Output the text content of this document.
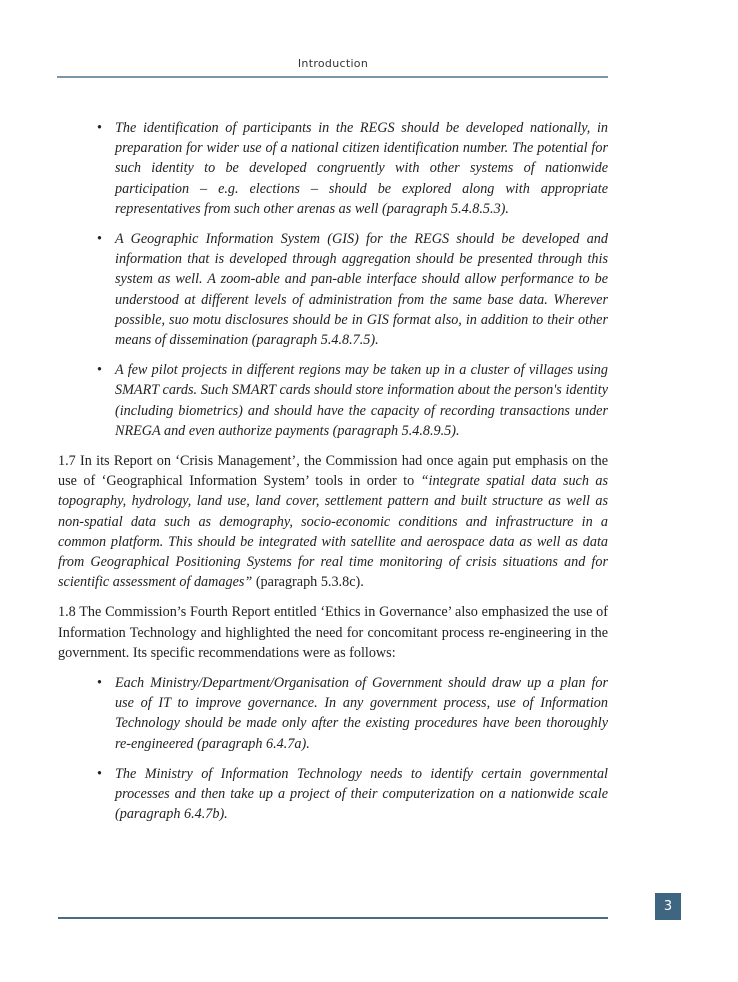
Introduction
• The identification of participants in the REGS should be developed nationally, in preparation for wider use of a national citizen identification number. The potential for such identity to be developed congruently with other systems of nationwide participation – e.g. elections – should be explored along with appropriate representatives from such other arenas as well (paragraph 5.4.8.5.3).
• A Geographic Information System (GIS) for the REGS should be developed and information that is developed through aggregation should be presented through this system as well. A zoom-able and pan-able interface should allow performance to be understood at different levels of administration from the same base data. Wherever possible, suo motu disclosures should be in GIS format also, in addition to their other means of dissemination (paragraph 5.4.8.7.5).
• A few pilot projects in different regions may be taken up in a cluster of villages using SMART cards. Such SMART cards should store information about the person's identity (including biometrics) and should have the capacity of recording transactions under NREGA and even authorize payments (paragraph 5.4.8.9.5).

1.7 In its Report on ‘Crisis Management’, the Commission had once again put emphasis on the use of ‘Geographical Information System’ tools in order to “integrate spatial data such as topography, hydrology, land use, land cover, settlement pattern and built structure as well as non-spatial data such as demography, socio-economic conditions and infrastructure in a common platform. This should be integrated with satellite and aerospace data as well as data from Geographical Positioning Systems for real time monitoring of crisis situations and for scientific assessment of damages” (paragraph 5.3.8c).

1.8 The Commission’s Fourth Report entitled ‘Ethics in Governance’ also emphasized the use of Information Technology and highlighted the need for concomitant process re-engineering in the government. Its specific recommendations were as follows:

• Each Ministry/Department/Organisation of Government should draw up a plan for use of IT to improve governance. In any government process, use of Information Technology should be made only after the existing procedures have been thoroughly re-engineered (paragraph 6.4.7a).
• The Ministry of Information Technology needs to identify certain governmental processes and then take up a project of their computerization on a nationwide scale (paragraph 6.4.7b).
3
